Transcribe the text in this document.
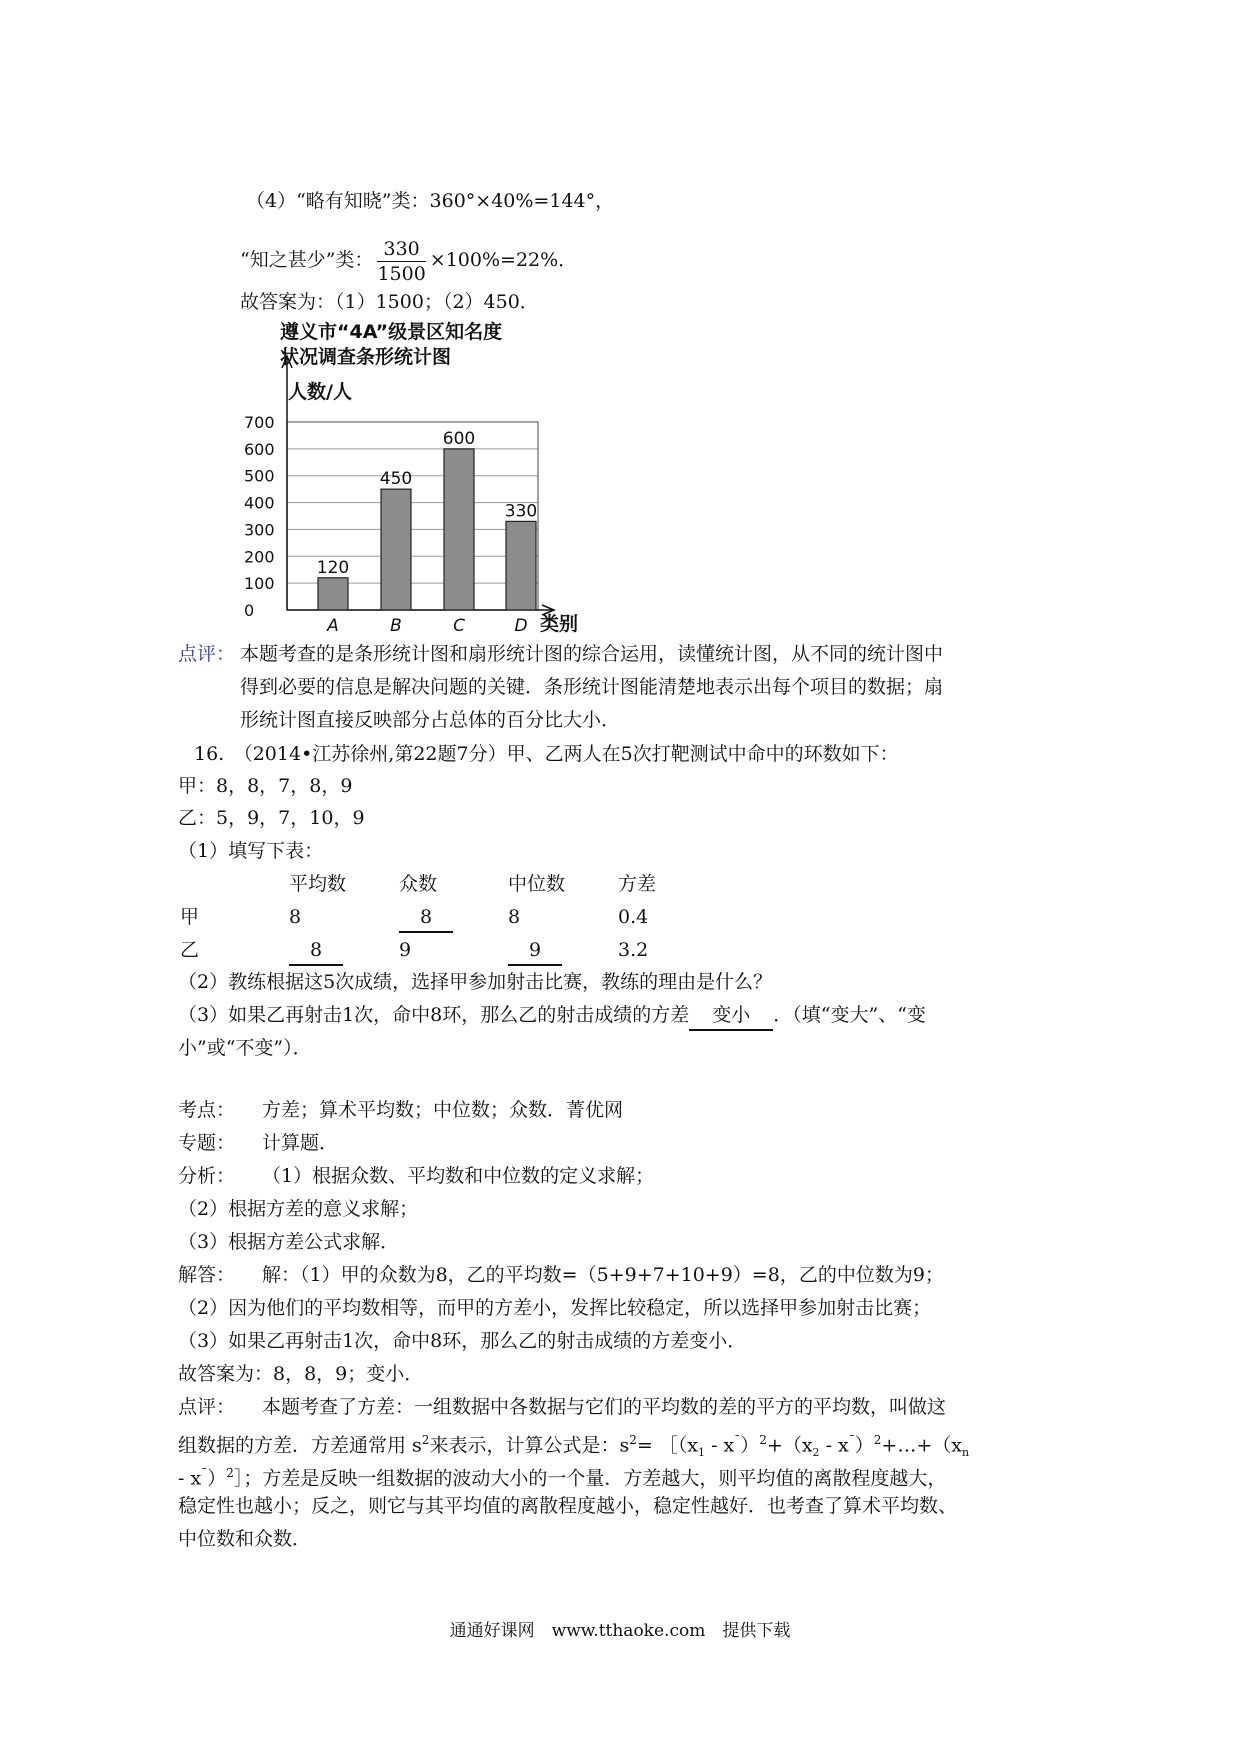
（4）“略有知晓”类：360°×40%=144°，
“知之甚少”类： $\frac{330}{1500} \times 100\%=22\%$．
故答案为：（1）1500；（2）450．
遵义市“4A”级景区知名度
状况调查条形统计图
人数/人
类别
0
100
200
300
400
500
600
700
120
A
450
B
600
C
330
D
点评： 本题考查的是条形统计图和扇形统计图的综合运用，读懂统计图，从不同的统计图中
得到必要的信息是解决问题的关键．条形统计图能清楚地表示出每个项目的数据；扇
形统计图直接反映部分占总体的百分比大小．
16.　（2014•江苏徐州,第22题7分）甲、乙两人在5次打靶测试中命中的环数如下：
甲：8，8，7，8，9
乙：5，9，7，10，9
（1）填写下表：
平均数	众数	中位数	方差
甲	8	8	8	0.4
乙	8	9	9	3.2
（2）教练根据这5次成绩，选择甲参加射击比赛，教练的理由是什么？
（3）如果乙再射击1次，命中8环，那么乙的射击成绩的方差 变小 ．（填“变大”、“变
小”或“不变”）．
考点： 方差；算术平均数；中位数；众数．菁优网
专题： 计算题．
分析： （1）根据众数、平均数和中位数的定义求解；
（2）根据方差的意义求解；
（3）根据方差公式求解．
解答： 解：（1）甲的众数为8，乙的平均数=（5+9+7+10+9）=8，乙的中位数为9；
（2）因为他们的平均数相等，而甲的方差小，发挥比较稳定，所以选择甲参加射击比赛；
（3）如果乙再射击1次，命中8环，那么乙的射击成绩的方差变小．
故答案为：8，8，9；变小．
点评： 本题考查了方差：一组数据中各数据与它们的平均数的差的平方的平均数，叫做这
组数据的方差．方差通常用 $s^2$来表示，计算公式是：$s^2=$ $[(x_1 - x^¯)^2+(x_2$ - $x^¯)^2+\dots+(x_n$
- x¯）$^2$］；方差是反映一组数据的波动大小的一个量．方差越大，则平均值的离散程度越大，
稳定性也越小；反之，则它与其平均值的离散程度越小，稳定性越好．也考查了算术平均数、
中位数和众数．
通通好课网　www.tthaoke.com　提供下载
